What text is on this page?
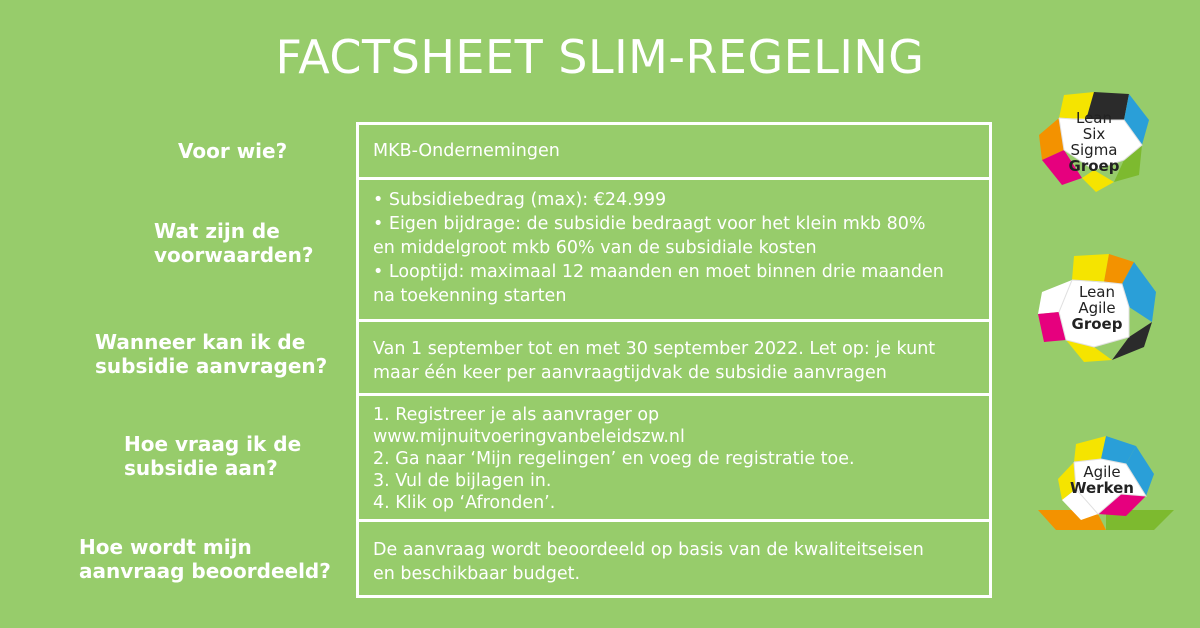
FACTSHEET SLIM-REGELING
Voor wie?	MKB-Ondernemingen
Wat zijn de
voorwaarden?
• Subsidiebedrag (max): €24.999
• Eigen bijdrage: de subsidie bedraagt voor het klein mkb 80%
en middelgroot mkb 60% van de subsidiale kosten
• Looptijd: maximaal 12 maanden en moet binnen drie maanden
na toekenning starten
Wanneer kan ik de
subsidie aanvragen?
Van 1 september tot en met 30 september 2022. Let op: je kunt
maar één keer per aanvraagtijdvak de subsidie aanvragen
Hoe vraag ik de
subsidie aan?
1. Registreer je als aanvrager op
www.mijnuitvoeringvanbeleidszw.nl
2. Ga naar ‘Mijn regelingen’ en voeg de registratie toe.
3. Vul de bijlagen in.
4. Klik op ‘Afronden’.
Hoe wordt mijn
aanvraag beoordeeld?
De aanvraag wordt beoordeeld op basis van de kwaliteitseisen
en beschikbaar budget.
Lean
Six
Sigma
Groep
Lean
Agile
Groep
Agile
Werken
